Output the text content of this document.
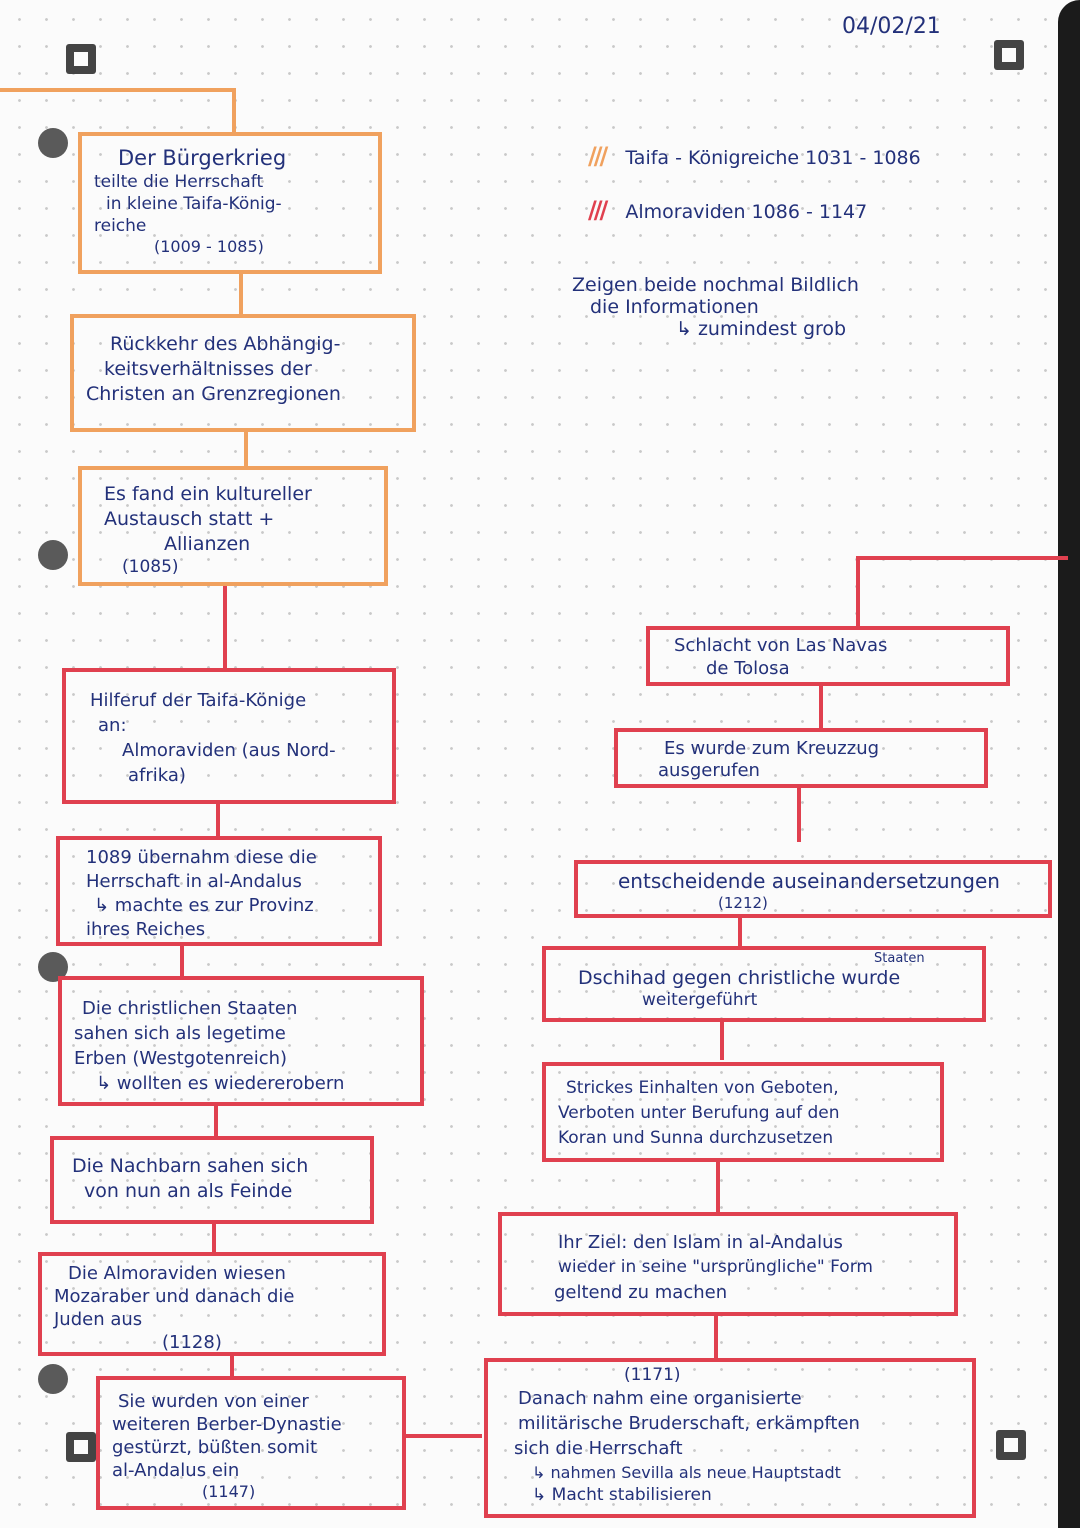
04/02/21
/// Taifa - Königreiche 1031 - 1086
/// Almoraviden 1086 - 1147
Zeigen beide nochmal Bildlich
die Informationen
↳ zumindest grob
Der Bürgerkrieg
teilte die Herrschaft
in kleine Taifa-König-
reiche
(1009 - 1085)
Rückkehr des Abhängig-
keitsverhältnisses der
Christen an Grenzregionen
Es fand ein kultureller
Austausch statt +
Allianzen
(1085)
Hilferuf der Taifa-Könige
an:
Almoraviden (aus Nord-
afrika)
1089 übernahm diese die
Herrschaft in al-Andalus
↳ machte es zur Provinz
ihres Reiches
Die christlichen Staaten
sahen sich als legetime
Erben (Westgotenreich)
↳ wollten es wiedererobern
Die Nachbarn sahen sich
von nun an als Feinde
Die Almoraviden wiesen
Mozaraber und danach die
Juden aus
(1128)
Sie wurden von einer
weiteren Berber-Dynastie
gestürzt, büßten somit
al-Andalus ein
(1147)
Schlacht von Las Navas
de Tolosa
Es wurde zum Kreuzzug
ausgerufen
entscheidende auseinandersetzungen
(1212)
Staaten
Dschihad gegen christliche wurde
weitergeführt
Strickes Einhalten von Geboten,
Verboten unter Berufung auf den
Koran und Sunna durchzusetzen
Ihr Ziel: den Islam in al-Andalus
wieder in seine "ursprüngliche" Form
geltend zu machen
(1171)
Danach nahm eine organisierte
militärische Bruderschaft, erkämpften
sich die Herrschaft
↳ nahmen Sevilla als neue Hauptstadt
↳ Macht stabilisieren
